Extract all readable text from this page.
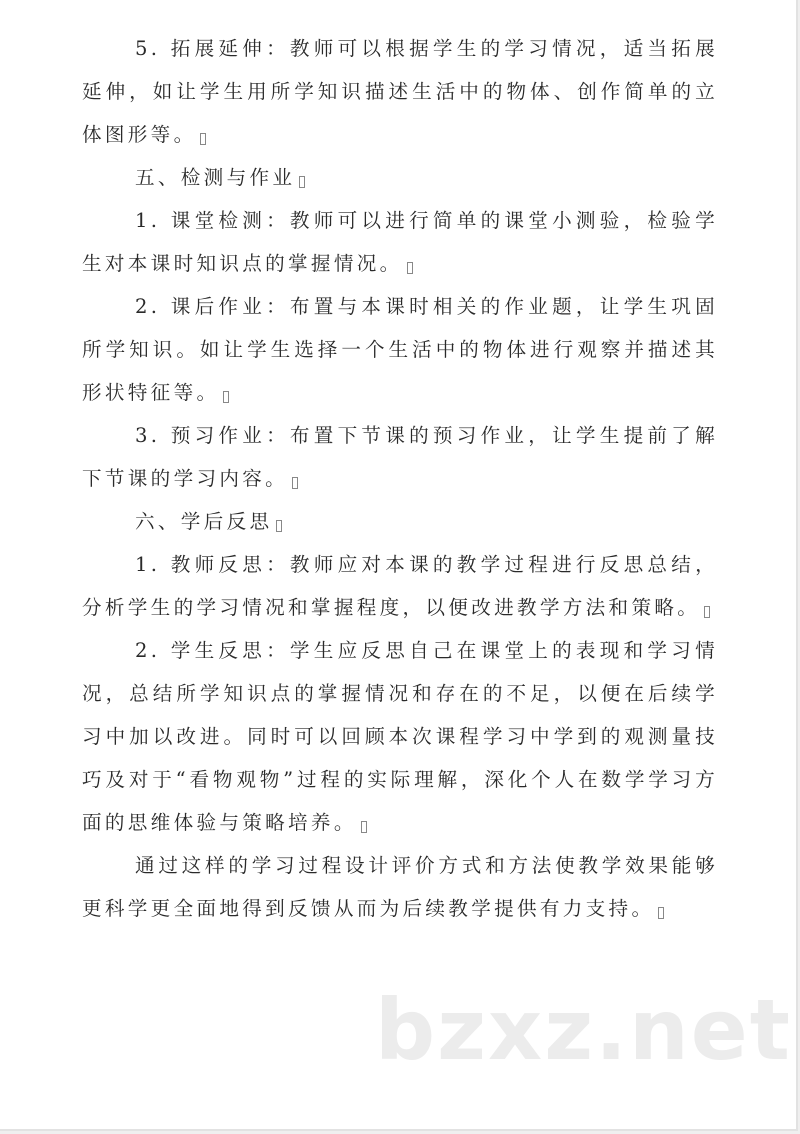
5. 拓展延伸：教师可以根据学生的学习情况，适当拓展延伸，如让学生用所学知识描述生活中的物体、创作简单的立体图形等。

五、检测与作业

1. 课堂检测：教师可以进行简单的课堂小测验，检验学生对本课时知识点的掌握情况。

2. 课后作业：布置与本课时相关的作业题，让学生巩固所学知识。如让学生选择一个生活中的物体进行观察并描述其形状特征等。

3. 预习作业：布置下节课的预习作业，让学生提前了解下节课的学习内容。

六、学后反思

1. 教师反思：教师应对本课的教学过程进行反思总结，分析学生的学习情况和掌握程度，以便改进教学方法和策略。

2. 学生反思：学生应反思自己在课堂上的表现和学习情况，总结所学知识点的掌握情况和存在的不足，以便在后续学习中加以改进。同时可以回顾本次课程学习中学到的观测量技巧及对于“看物观物”过程的实际理解，深化个人在数学学习方面的思维体验与策略培养。

通过这样的学习过程设计评价方式和方法使教学效果能够更科学更全面地得到反馈从而为后续教学提供有力支持。

bzxz.net
